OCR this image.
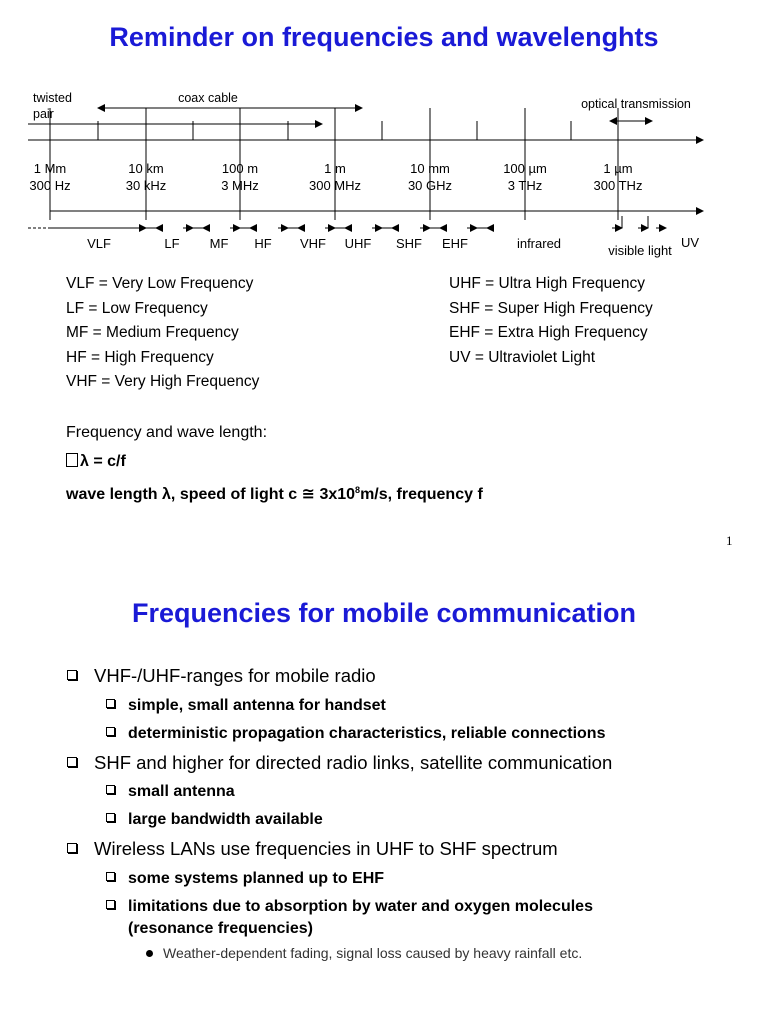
Reminder on frequencies and wavelenghts
twisted
pair
coax cable	optical transmission
1 Mm
300 Hz
10 km
30 kHz
100 m
3 MHz
1 m
300 MHz
10 mm
30 GHz
100 µm
3 THz
1 µm
300 THz
VLF	LF MF HF VHF UHF SHF EHF	infrared	visible light
UV
VLF = Very Low Frequency
LF = Low Frequency
MF = Medium Frequency
HF = High Frequency
VHF = Very High Frequency
UHF = Ultra High Frequency
SHF = Super High Frequency
EHF = Extra High Frequency
UV = Ultraviolet Light
Frequency and wave length:
λ = c/f
wave length λ, speed of light c ≅ $3x10^8m/s$, frequency f
1
Frequencies for mobile communication
VHF-/UHF-ranges for mobile radio
simple, small antenna for handset
deterministic propagation characteristics, reliable connections
SHF and higher for directed radio links, satellite communication
small antenna
large bandwidth available
Wireless LANs use frequencies in UHF to SHF spectrum
some systems planned up to EHF
limitations due to absorption by water and oxygen molecules
(resonance frequencies)
Weather-dependent fading, signal loss caused by heavy rainfall etc.
